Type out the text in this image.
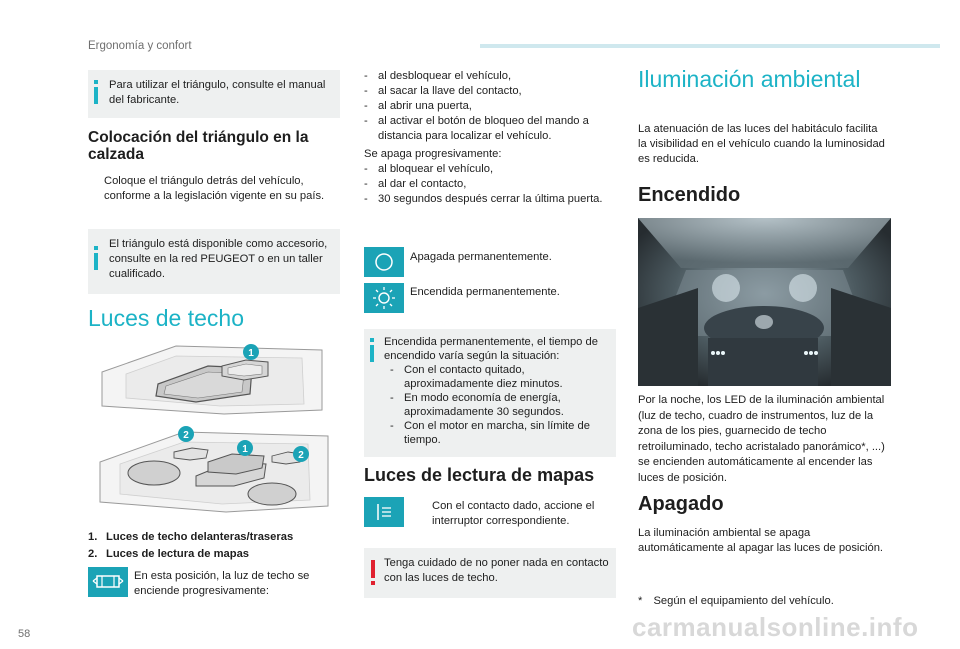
Ergonomía y confort
Para utilizar el triángulo, consulte el manual del fabricante.
Colocación del triángulo en la calzada
Coloque el triángulo detrás del vehículo, conforme a la legislación vigente en su país.
El triángulo está disponible como accesorio, consulte en la red PEUGEOT o en un taller cualificado.
Luces de techo
1
2
1
2
1. Luces de techo delanteras/traseras
2. Luces de lectura de mapas
En esta posición, la luz de techo se enciende progresivamente:
- al desbloquear el vehículo,
- al sacar la llave del contacto,
- al abrir una puerta,
- al activar el botón de bloqueo del mando a distancia para localizar el vehículo.
Se apaga progresivamente:
- al bloquear el vehículo,
- al dar el contacto,
- 30 segundos después cerrar la última puerta.
Apagada permanentemente.
Encendida permanentemente.
Encendida permanentemente, el tiempo de encendido varía según la situación:
- Con el contacto quitado, aproximadamente diez minutos.
- En modo economía de energía, aproximadamente 30 segundos.
- Con el motor en marcha, sin límite de tiempo.
Luces de lectura de mapas
Con el contacto dado, accione el interruptor correspondiente.
Tenga cuidado de no poner nada en contacto con las luces de techo.
Iluminación ambiental
La atenuación de las luces del habitáculo facilita la visibilidad en el vehículo cuando la luminosidad es reducida.
Encendido
Por la noche, los LED de la iluminación ambiental (luz de techo, cuadro de instrumentos, luz de la zona de los pies, guarnecido de techo retroiluminado, techo acristalado panorámico*, ...) se encienden automáticamente al encender las luces de posición.
Apagado
La iluminación ambiental se apaga automáticamente al apagar las luces de posición.
* Según el equipamiento del vehículo.
58	carmanualsonline.info
